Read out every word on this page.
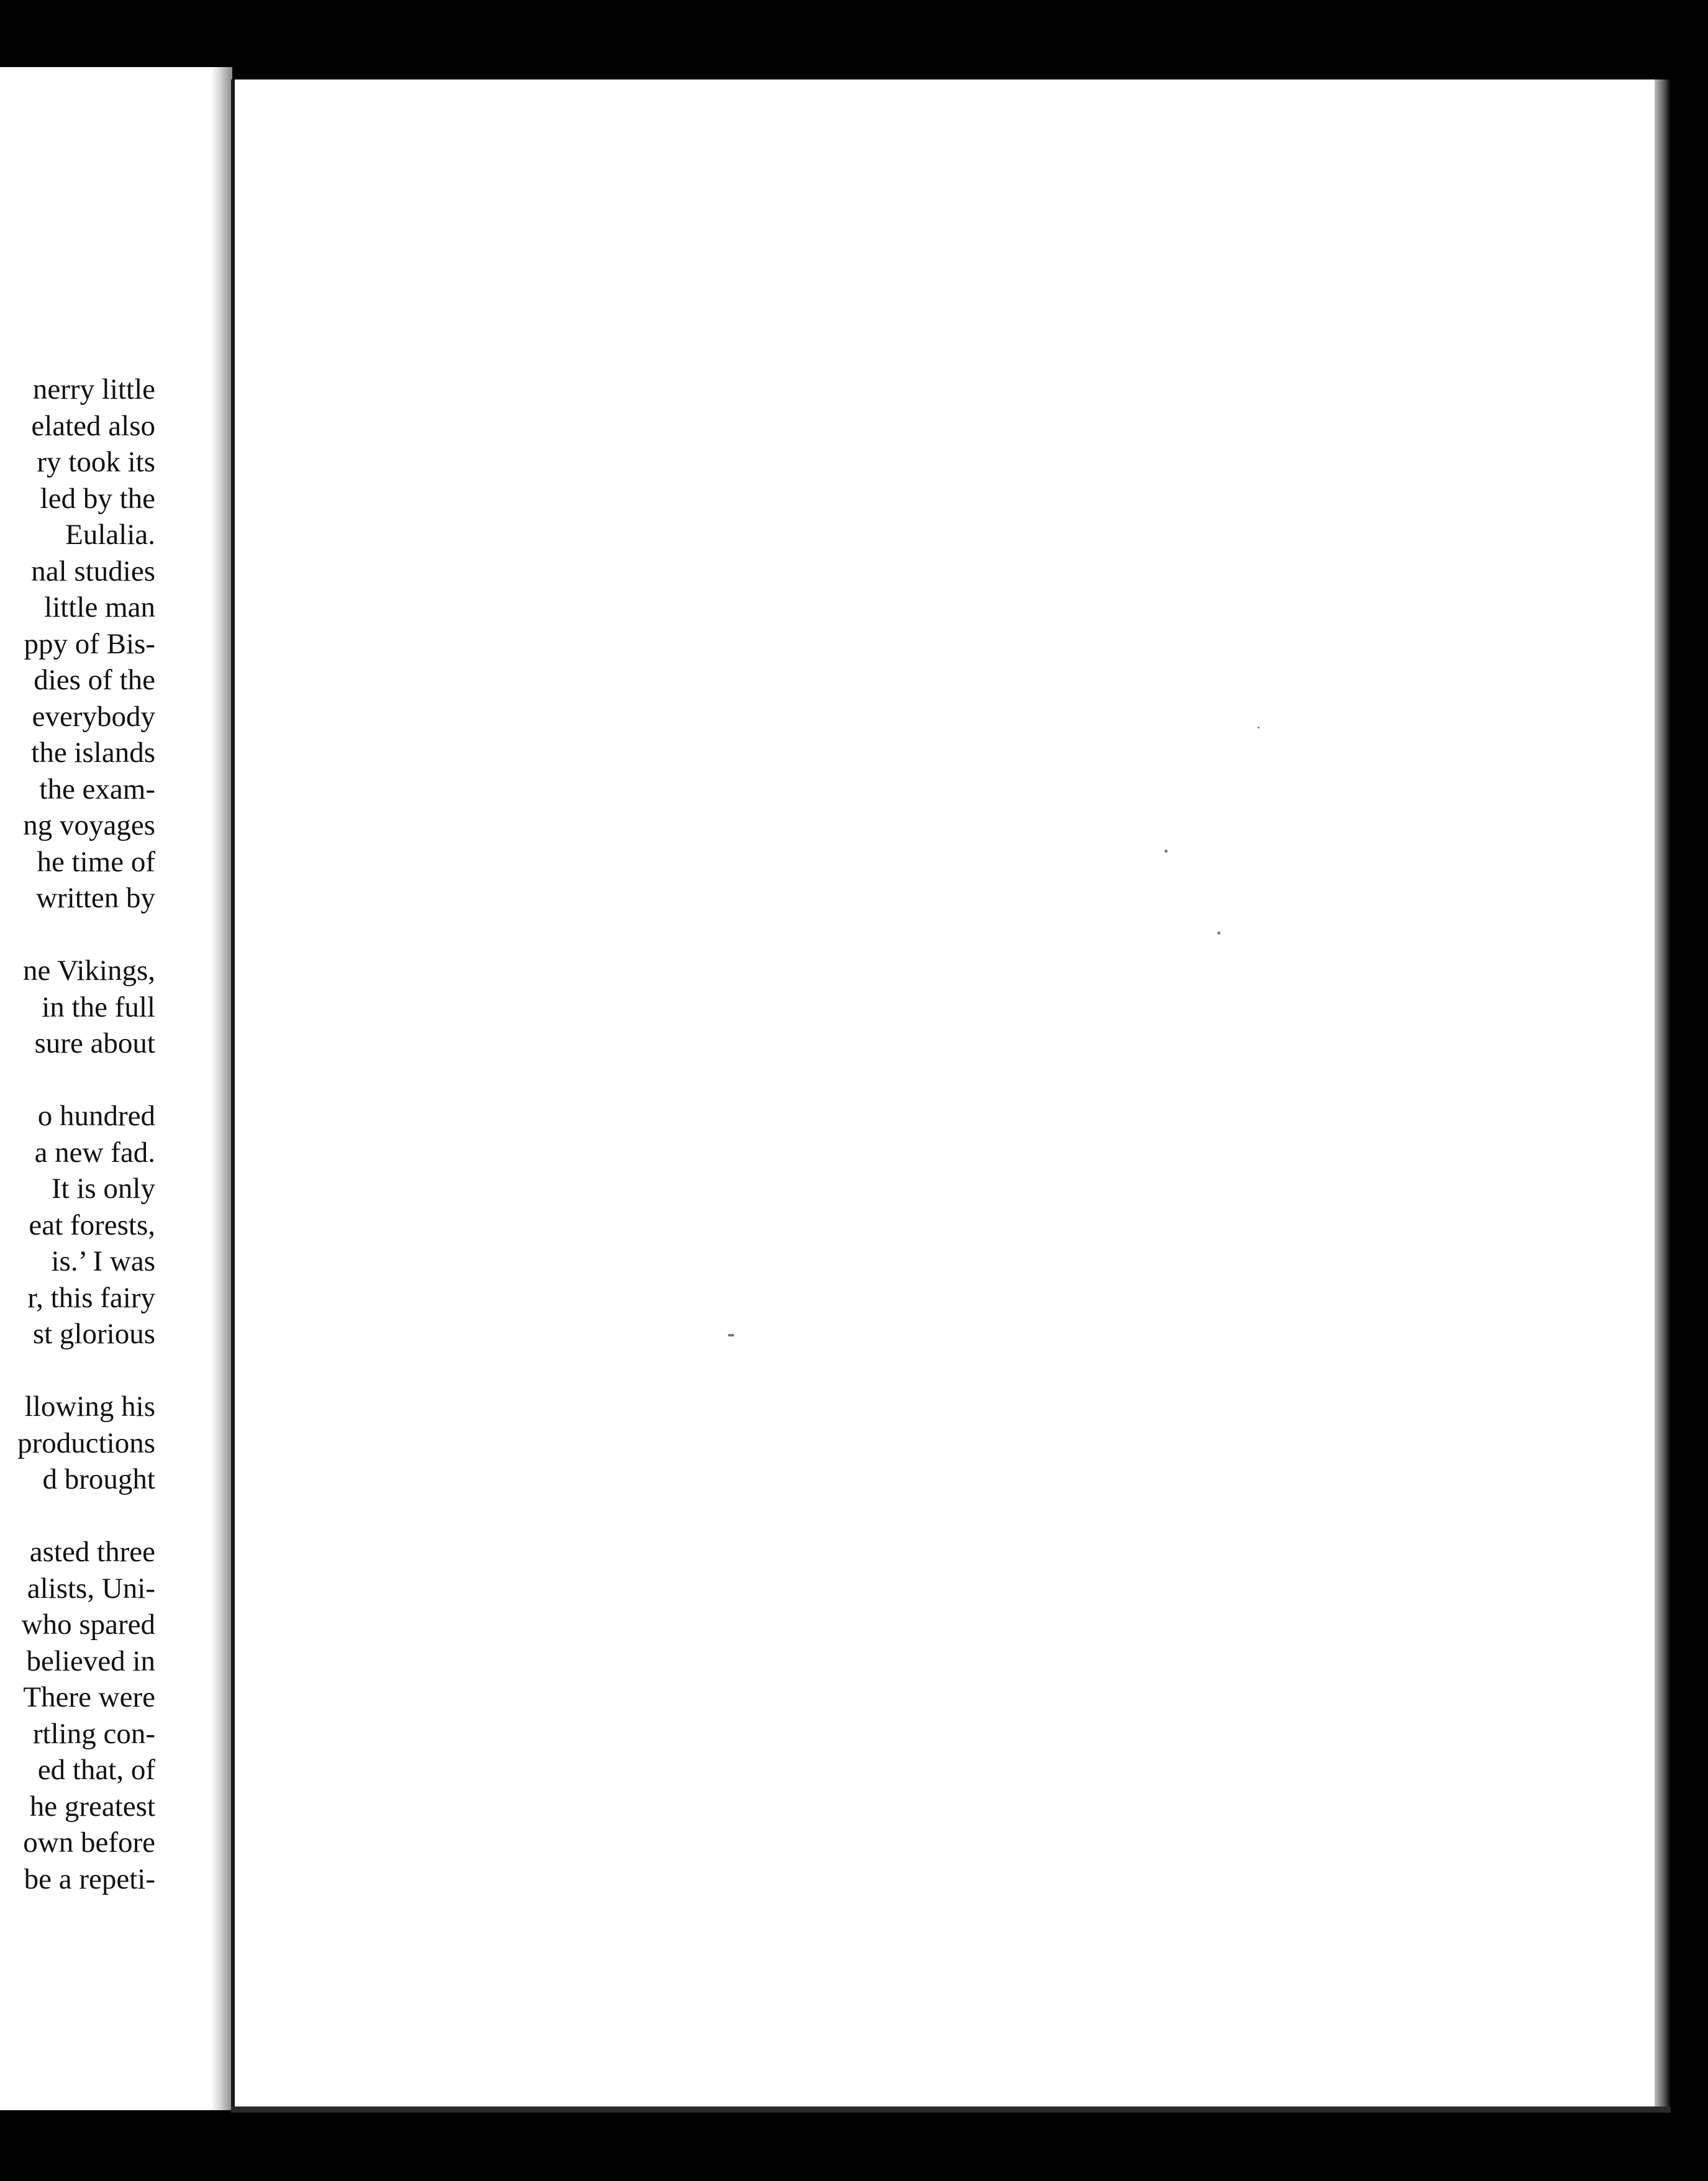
nerry little
elated also
ry took its
led by the
Eulalia.
nal studies
little man
ppy of Bis-
dies of the
everybody
the islands
the exam-
ng voyages
he time of
written by
ne Vikings,
in the full
sure about
o hundred
a new fad.
It is only
eat forests,
is.’ I was
r, this fairy
st glorious
llowing his
productions
d brought
asted three
alists, Uni-
who spared
believed in
There were
rtling con-
ed that, of
he greatest
own before
be a repeti-
